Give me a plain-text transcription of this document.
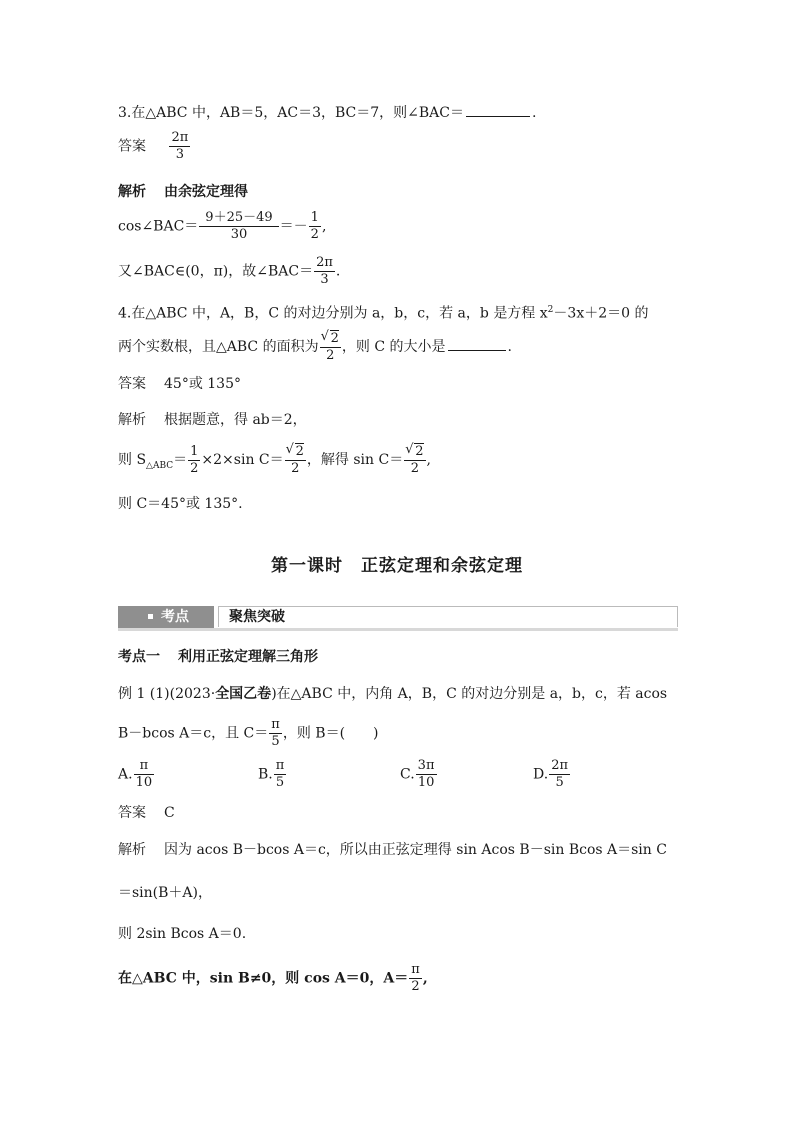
3.在△ABC 中，AB＝5，AC＝3，BC＝7，则∠BAC＝	.
答案 $\frac{2\pi}{3}$
解析 由余弦定理得
cos∠BAC＝ $\frac{9+25-49}{30} =- \frac{1}{2}$ ,
又∠BAC∈(0，π)，故∠BAC＝ $\frac{2\pi}{3}$ .
4.在△ABC 中，A，B，C 的对边分别为 a，b，c，若 a，b 是方程 $x^2-3x+2=0$ 的
两个实数根，且△ABC 的面积为 √ $\frac{2}{2}$ ，则 C 的大小是	.
答案 45°或 135°
解析 根据题意，得 ab＝2，
则 $S_{\triangle ABC}= \frac{1}{2} \times 2\times\sin$ C＝ √ $\frac{2}{2}$ ，解得 sin C＝ √ $\frac{2}{2}$ ,
则 C＝45°或 135°.
第一课时　正弦定理和余弦定理
考点	聚焦突破
考点一 利用正弦定理解三角形
例 1 (1)(2023·全国乙卷)在△ABC 中，内角 A，B，C 的对边分别是 a，b，c，若 acos
B－bcos A＝c，且 $C= \frac{\pi}{5}$ ，则 B＝(　　)
A. $\frac{\pi}{10}$	B. $\frac{\pi}{5}$	C. $\frac{3\pi}{10}$	D. $\frac{2\pi}{5}$
答案 C
解析 因为 acos B－bcos A＝c，所以由正弦定理得 sin Acos B－sin Bcos A＝sin C
＝sin(B＋A)，
则 2sin Bcos A＝0.
在△ABC 中，sin B≠0，则 cos A＝0，$A= \frac{\pi}{2}$ ,
